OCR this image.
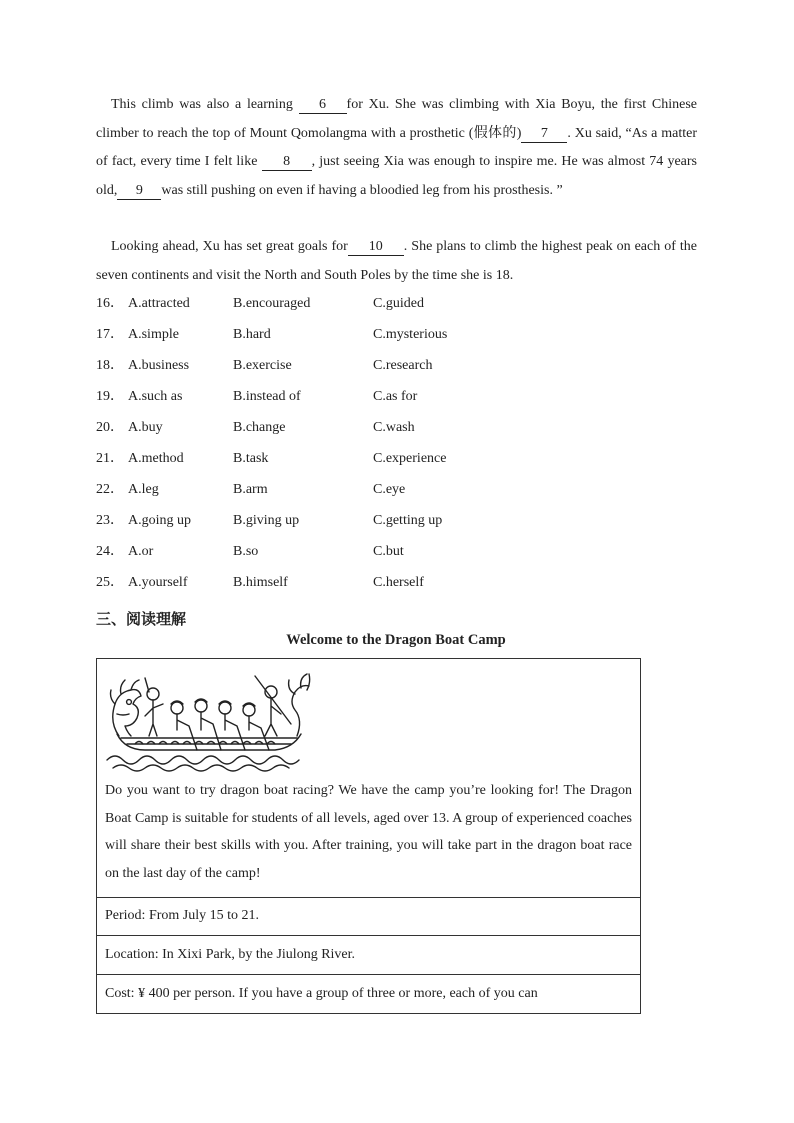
This climb was also a learning 6 for Xu. She was climbing with Xia Boyu, the first Chinese climber to reach the top of Mount Qomolangma with a prosthetic (假体的) 7 . Xu said, “As a matter of fact, every time I felt like 8 , just seeing Xia was enough to inspire me. He was almost 74 years old, 9 was still pushing on even if having a bloodied leg from his prosthesis. ”
Looking ahead, Xu has set great goals for 10 . She plans to climb the highest peak on each of the seven continents and visit the North and South Poles by the time she is 18.
16． A.attracted	B.encouraged	C.guided
17． A.simple	B.hard	C.mysterious
18． A.business	B.exercise	C.research
19． A.such as	B.instead of	C.as for
20． A.buy	B.change	C.wash
21． A.method	B.task	C.experience
22． A.leg	B.arm	C.eye
23． A.going up	B.giving up	C.getting up
24． A.or	B.so	C.but
25． A.yourself	B.himself	C.herself
三、阅读理解
Welcome to the Dragon Boat Camp
Do you want to try dragon boat racing? We have the camp you’re looking for! The Dragon Boat Camp is suitable for students of all levels, aged over 13. A group of experienced coaches will share their best skills with you. After training, you will take part in the dragon boat race on the last day of the camp!
Period: From July 15 to 21.
Location: In Xixi Park, by the Jiulong River.
Cost: ¥ 400 per person. If you have a group of three or more, each of you can
